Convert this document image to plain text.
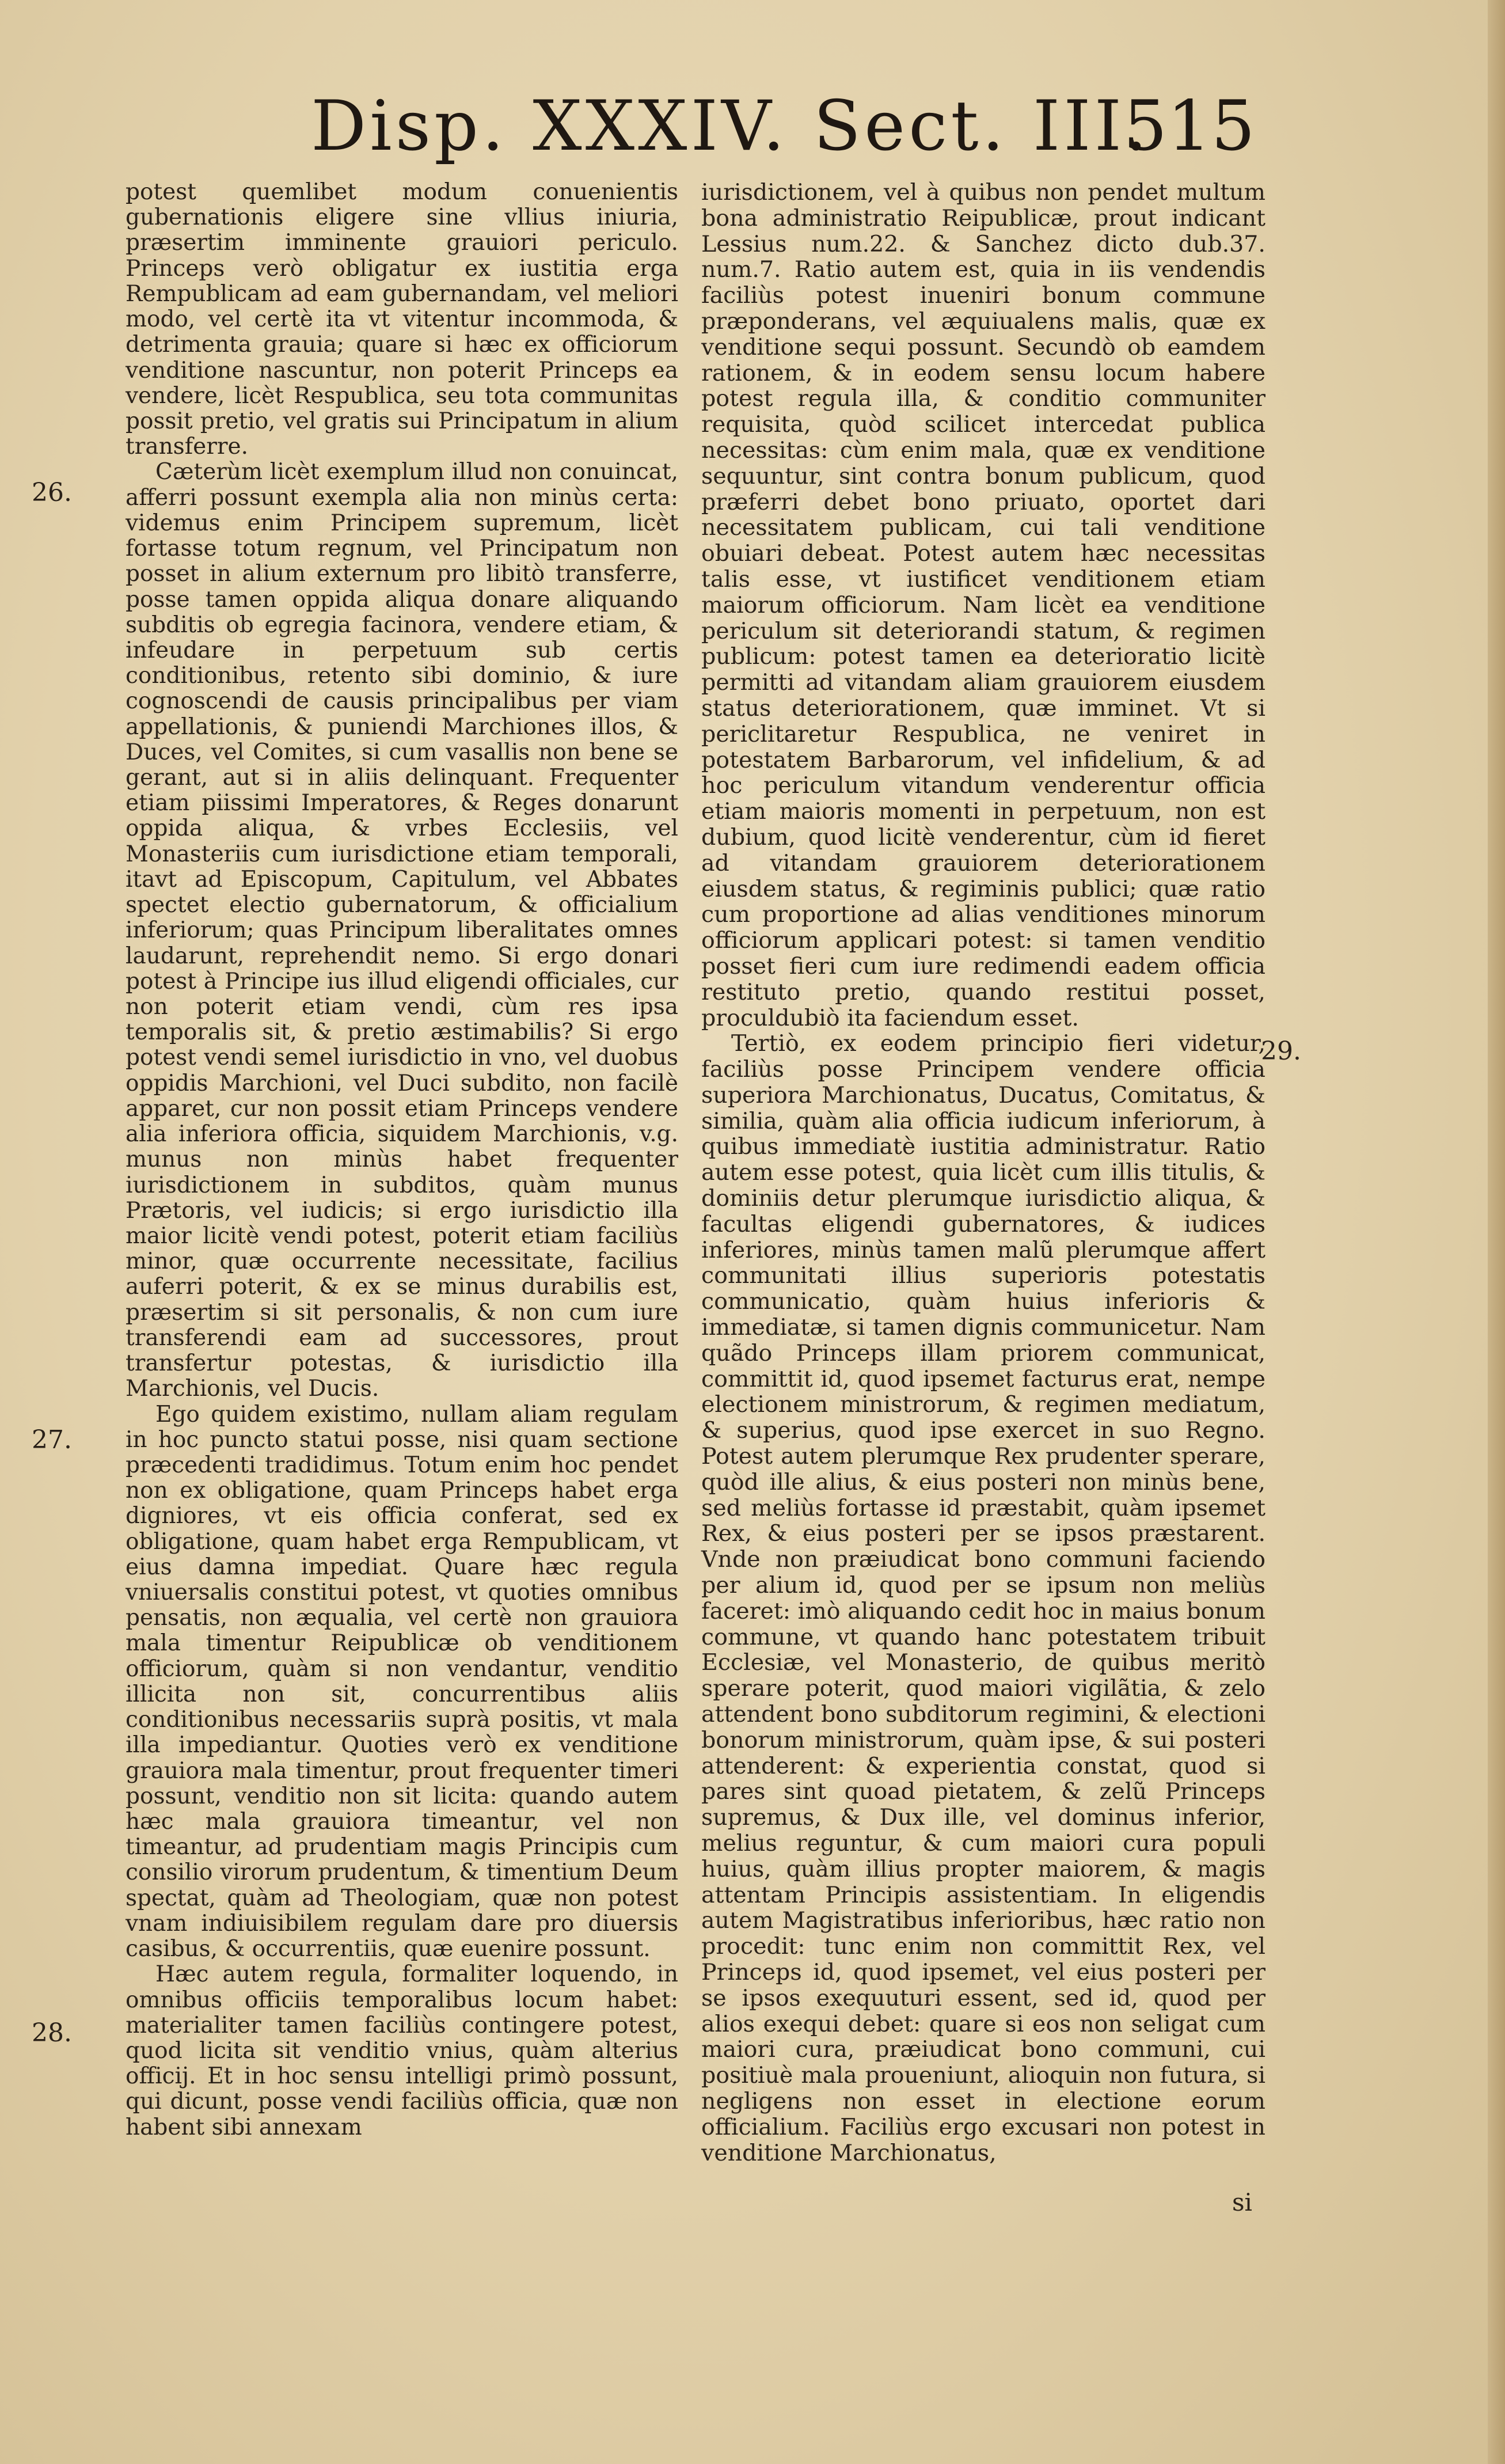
Disp. XXXIV. Sect. III.
515
26.
27.
28.
29.

potest quemlibet modum conuenientis gubernationis eligere sine vllius iniuria, præsertim imminente grauiori periculo. Princeps verò obligatur ex iustitia erga Rempublicam ad eam gubernandam, vel meliori modo, vel certè ita vt vitentur incommoda, & detrimenta grauia; quare si hæc ex officiorum venditione nascuntur, non poterit Princeps ea vendere, licèt Respublica, seu tota communitas possit pretio, vel gratis sui Principatum in alium transferre.

Cæterùm licèt exemplum illud non conuincat, afferri possunt exempla alia non minùs certa: videmus enim Principem supremum, licèt fortasse totum regnum, vel Principatum non posset in alium externum pro libitò transferre, posse tamen oppida aliqua donare aliquando subditis ob egregia facinora, vendere etiam, & infeudare in perpetuum sub certis conditionibus, retento sibi dominio, & iure cognoscendi de causis principalibus per viam appellationis, & puniendi Marchiones illos, & Duces, vel Comites, si cum vasallis non bene se gerant, aut si in aliis delinquant. Frequenter etiam piissimi Imperatores, & Reges donarunt oppida aliqua, & vrbes Ecclesiis, vel Monasteriis cum iurisdictione etiam temporali, itavt ad Episcopum, Capitulum, vel Abbates spectet electio gubernatorum, & officialium inferiorum; quas Principum liberalitates omnes laudarunt, reprehendit nemo. Si ergo donari potest à Principe ius illud eligendi officiales, cur non poterit etiam vendi, cùm res ipsa temporalis sit, & pretio æstimabilis? Si ergo potest vendi semel iurisdictio in vno, vel duobus oppidis Marchioni, vel Duci subdito, non facilè apparet, cur non possit etiam Princeps vendere alia inferiora officia, siquidem Marchionis, v.g. munus non minùs habet frequenter iurisdictionem in subditos, quàm munus Prætoris, vel iudicis; si ergo iurisdictio illa maior licitè vendi potest, poterit etiam faciliùs minor, quæ occurrente necessitate, facilius auferri poterit, & ex se minus durabilis est, præsertim si sit personalis, & non cum iure transferendi eam ad successores, prout transfertur potestas, & iurisdictio illa Marchionis, vel Ducis.

Ego quidem existimo, nullam aliam regulam in hoc puncto statui posse, nisi quam sectione præcedenti tradidimus. Totum enim hoc pendet non ex obligatione, quam Princeps habet erga digniores, vt eis officia conferat, sed ex obligatione, quam habet erga Rempublicam, vt eius damna impediat. Quare hæc regula vniuersalis constitui potest, vt quoties omnibus pensatis, non æqualia, vel certè non grauiora mala timentur Reipublicæ ob venditionem officiorum, quàm si non vendantur, venditio illicita non sit, concurrentibus aliis conditionibus necessariis suprà positis, vt mala illa impediantur. Quoties verò ex venditione grauiora mala timentur, prout frequenter timeri possunt, venditio non sit licita: quando autem hæc mala grauiora timeantur, vel non timeantur, ad prudentiam magis Principis cum consilio virorum prudentum, & timentium Deum spectat, quàm ad Theologiam, quæ non potest vnam indiuisibilem regulam dare pro diuersis casibus, & occurrentiis, quæ euenire possunt.

Hæc autem regula, formaliter loquendo, in omnibus officiis temporalibus locum habet: materialiter tamen faciliùs contingere potest, quod licita sit venditio vnius, quàm alterius officij. Et in hoc sensu intelligi primò possunt, qui dicunt, posse vendi faciliùs officia, quæ non habent sibi annexam

iurisdictionem, vel à quibus non pendet multum bona administratio Reipublicæ, prout indicant Lessius num.22. & Sanchez dicto dub.37. num.7. Ratio autem est, quia in iis vendendis faciliùs potest inueniri bonum commune præponderans, vel æquiualens malis, quæ ex venditione sequi possunt. Secundò ob eamdem rationem, & in eodem sensu locum habere potest regula illa, & conditio communiter requisita, quòd scilicet intercedat publica necessitas: cùm enim mala, quæ ex venditione sequuntur, sint contra bonum publicum, quod præferri debet bono priuato, oportet dari necessitatem publicam, cui tali venditione obuiari debeat. Potest autem hæc necessitas talis esse, vt iustificet venditionem etiam maiorum officiorum. Nam licèt ea venditione periculum sit deteriorandi statum, & regimen publicum: potest tamen ea deterioratio licitè permitti ad vitandam aliam grauiorem eiusdem status deteriorationem, quæ imminet. Vt si periclitaretur Respublica, ne veniret in potestatem Barbarorum, vel infidelium, & ad hoc periculum vitandum venderentur officia etiam maioris momenti in perpetuum, non est dubium, quod licitè venderentur, cùm id fieret ad vitandam grauiorem deteriorationem eiusdem status, & regiminis publici; quæ ratio cum proportione ad alias venditiones minorum officiorum applicari potest: si tamen venditio posset fieri cum iure redimendi eadem officia restituto pretio, quando restitui posset, proculdubiò ita faciendum esset.

Tertiò, ex eodem principio fieri videtur, faciliùs posse Principem vendere officia superiora Marchionatus, Ducatus, Comitatus, & similia, quàm alia officia iudicum inferiorum, à quibus immediatè iustitia administratur. Ratio autem esse potest, quia licèt cum illis titulis, & dominiis detur plerumque iurisdictio aliqua, & facultas eligendi gubernatores, & iudices inferiores, minùs tamen malũ plerumque affert communitati illius superioris potestatis communicatio, quàm huius inferioris & immediatæ, si tamen dignis communicetur. Nam quãdo Princeps illam priorem communicat, committit id, quod ipsemet facturus erat, nempe electionem ministrorum, & regimen mediatum, & superius, quod ipse exercet in suo Regno. Potest autem plerumque Rex prudenter sperare, quòd ille alius, & eius posteri non minùs bene, sed meliùs fortasse id præstabit, quàm ipsemet Rex, & eius posteri per se ipsos præstarent. Vnde non præiudicat bono communi faciendo per alium id, quod per se ipsum non meliùs faceret: imò aliquando cedit hoc in maius bonum commune, vt quando hanc potestatem tribuit Ecclesiæ, vel Monasterio, de quibus meritò sperare poterit, quod maiori vigilãtia, & zelo attendent bono subditorum regimini, & electioni bonorum ministrorum, quàm ipse, & sui posteri attenderent: & experientia constat, quod si pares sint quoad pietatem, & zelũ Princeps supremus, & Dux ille, vel dominus inferior, melius reguntur, & cum maiori cura populi huius, quàm illius propter maiorem, & magis attentam Principis assistentiam. In eligendis autem Magistratibus inferioribus, hæc ratio non procedit: tunc enim non committit Rex, vel Princeps id, quod ipsemet, vel eius posteri per se ipsos exequuturi essent, sed id, quod per alios exequi debet: quare si eos non seligat cum maiori cura, præiudicat bono communi, cui positiuè mala proueniunt, alioquin non futura, si negligens non esset in electione eorum officialium. Faciliùs ergo excusari non potest in venditione Marchionatus,

si
